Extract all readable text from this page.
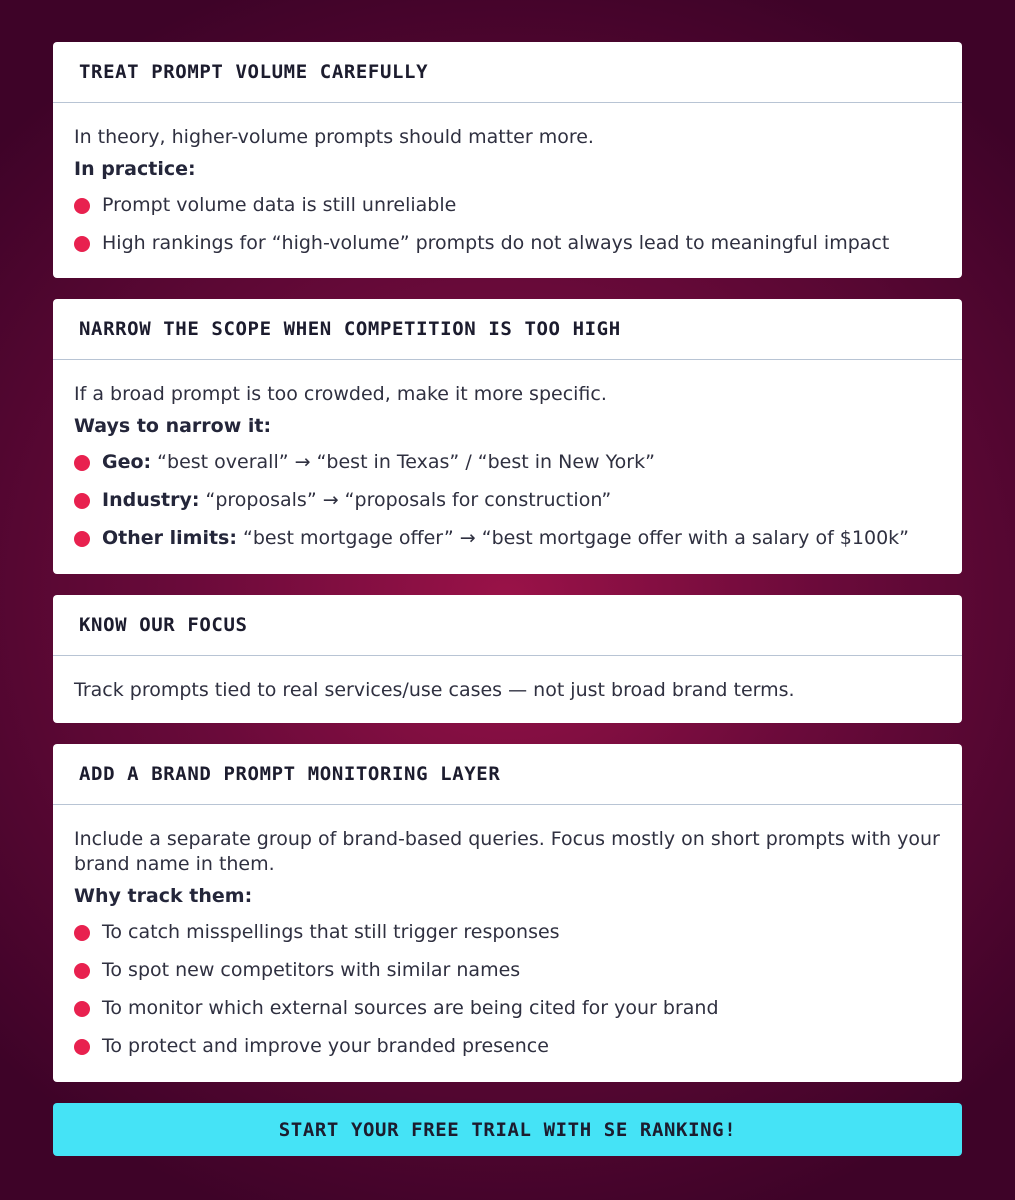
TREAT PROMPT VOLUME CAREFULLY

In theory, higher-volume prompts should matter more.

In practice:

Prompt volume data is still unreliable
High rankings for “high-volume” prompts do not always lead to meaningful impact
NARROW THE SCOPE WHEN COMPETITION IS TOO HIGH

If a broad prompt is too crowded, make it more specific.

Ways to narrow it:

Geo: “best overall” → “best in Texas” / “best in New York”
Industry: “proposals” → “proposals for construction”
Other limits: “best mortgage offer” → “best mortgage offer with a salary of $100k”
KNOW OUR FOCUS

Track prompts tied to real services/use cases — not just broad brand terms.

ADD A BRAND PROMPT MONITORING LAYER

Include a separate group of brand-based queries. Focus mostly on short prompts with your brand name in them.

Why track them:

To catch misspellings that still trigger responses
To spot new competitors with similar names
To monitor which external sources are being cited for your brand
To protect and improve your branded presence
START YOUR FREE TRIAL WITH SE RANKING!
